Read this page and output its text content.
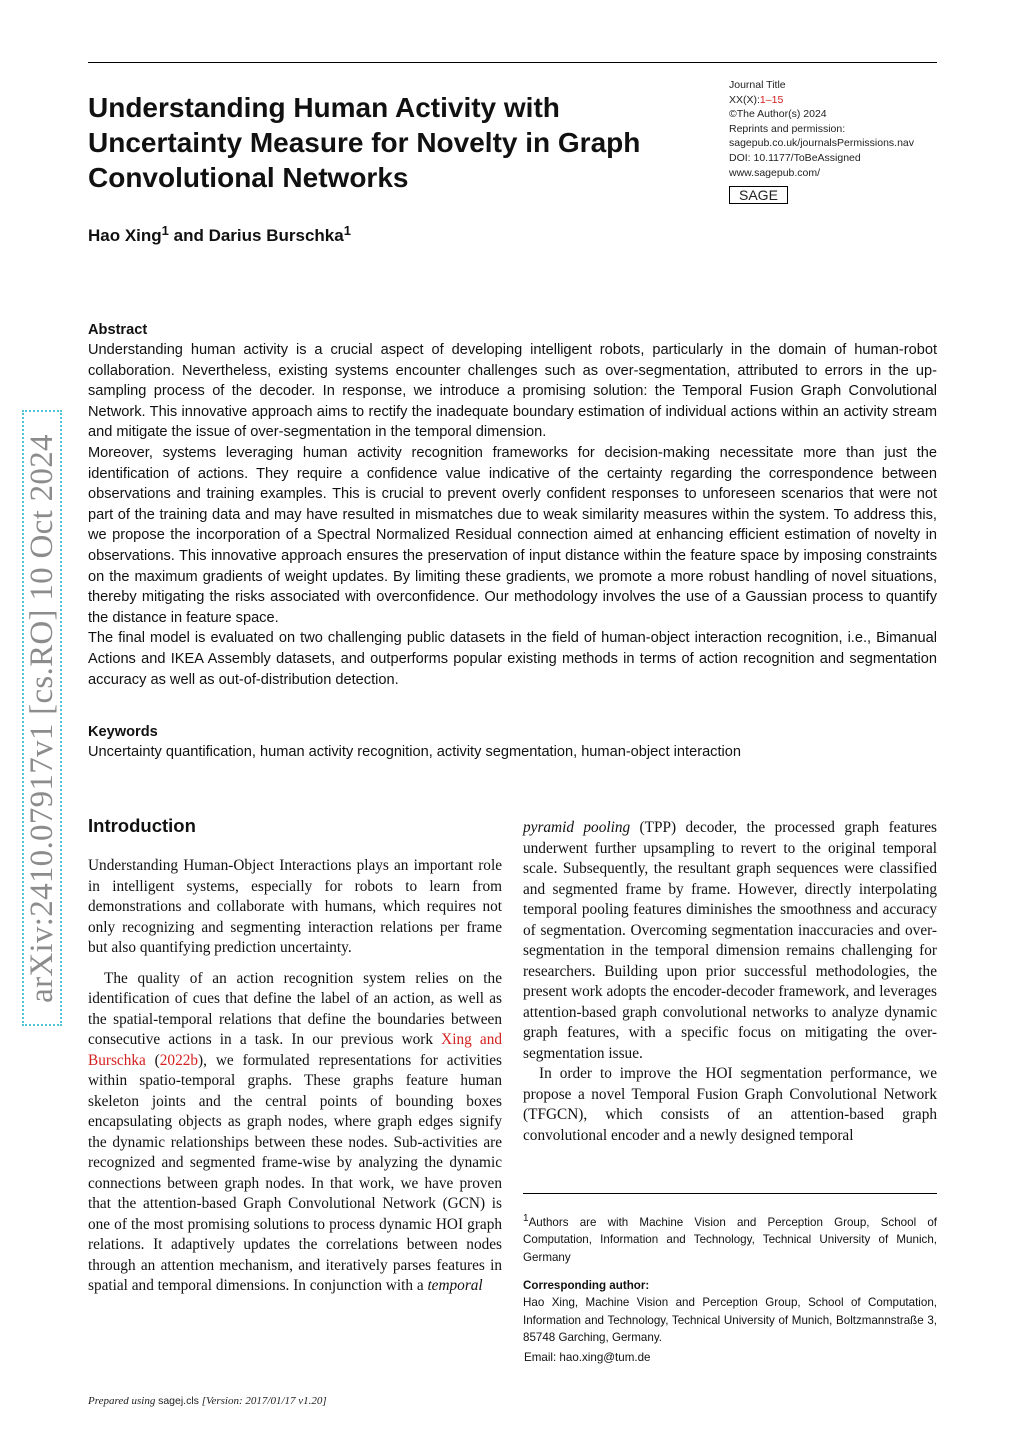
Understanding Human Activity with Uncertainty Measure for Novelty in Graph Convolutional Networks
Journal Title
XX(X):1–15
©The Author(s) 2024
Reprints and permission:
sagepub.co.uk/journalsPermissions.nav
DOI: 10.1177/ToBeAssigned
www.sagepub.com/
SAGE
Hao Xing$^1$ and Darius Burschka$^1$
Abstract

Understanding human activity is a crucial aspect of developing intelligent robots, particularly in the domain of human-robot collaboration. Nevertheless, existing systems encounter challenges such as over-segmentation, attributed to errors in the up-sampling process of the decoder. In response, we introduce a promising solution: the Temporal Fusion Graph Convolutional Network. This innovative approach aims to rectify the inadequate boundary estimation of individual actions within an activity stream and mitigate the issue of over-segmentation in the temporal dimension.

Moreover, systems leveraging human activity recognition frameworks for decision-making necessitate more than just the identification of actions. They require a confidence value indicative of the certainty regarding the correspondence between observations and training examples. This is crucial to prevent overly confident responses to unforeseen scenarios that were not part of the training data and may have resulted in mismatches due to weak similarity measures within the system. To address this, we propose the incorporation of a Spectral Normalized Residual connection aimed at enhancing efficient estimation of novelty in observations. This innovative approach ensures the preservation of input distance within the feature space by imposing constraints on the maximum gradients of weight updates. By limiting these gradients, we promote a more robust handling of novel situations, thereby mitigating the risks associated with overconfidence. Our methodology involves the use of a Gaussian process to quantify the distance in feature space.

The final model is evaluated on two challenging public datasets in the field of human-object interaction recognition, i.e., Bimanual Actions and IKEA Assembly datasets, and outperforms popular existing methods in terms of action recognition and segmentation accuracy as well as out-of-distribution detection.

Keywords

Uncertainty quantification, human activity recognition, activity segmentation, human-object interaction

arXiv:2410.07917v1 [cs.RO] 10 Oct 2024 Introduction

Understanding Human-Object Interactions plays an important role in intelligent systems, especially for robots to learn from demonstrations and collaborate with humans, which requires not only recognizing and segmenting interaction relations per frame but also quantifying prediction uncertainty.

The quality of an action recognition system relies on the identification of cues that define the label of an action, as well as the spatial-temporal relations that define the boundaries between consecutive actions in a task. In our previous work Xing and Burschka (2022b), we formulated representations for activities within spatio-temporal graphs. These graphs feature human skeleton joints and the central points of bounding boxes encapsulating objects as graph nodes, where graph edges signify the dynamic relationships between these nodes. Sub-activities are recognized and segmented frame-wise by analyzing the dynamic connections between graph nodes. In that work, we have proven that the attention-based Graph Convolutional Network (GCN) is one of the most promising solutions to process dynamic HOI graph relations. It adaptively updates the correlations between nodes through an attention mechanism, and iteratively parses features in spatial and temporal dimensions. In conjunction with a temporal

pyramid pooling (TPP) decoder, the processed graph features underwent further upsampling to revert to the original temporal scale. Subsequently, the resultant graph sequences were classified and segmented frame by frame. However, directly interpolating temporal pooling features diminishes the smoothness and accuracy of segmentation. Overcoming segmentation inaccuracies and over-segmentation in the temporal dimension remains challenging for researchers. Building upon prior successful methodologies, the present work adopts the encoder-decoder framework, and leverages attention-based graph convolutional networks to analyze dynamic graph features, with a specific focus on mitigating the over-segmentation issue.

In order to improve the HOI segmentation performance, we propose a novel Temporal Fusion Graph Convolutional Network (TFGCN), which consists of an attention-based graph convolutional encoder and a newly designed temporal

$^1$Authors are with Machine Vision and Perception Group, School of Computation, Information and Technology, Technical University of Munich, Germany
Corresponding author:
Hao Xing, Machine Vision and Perception Group, School of Computation, Information and Technology, Technical University of Munich, Boltzmannstraße 3, 85748 Garching, Germany.
Email: hao.xing@tum.de
Prepared using sagej.cls [Version: 2017/01/17 v1.20]
